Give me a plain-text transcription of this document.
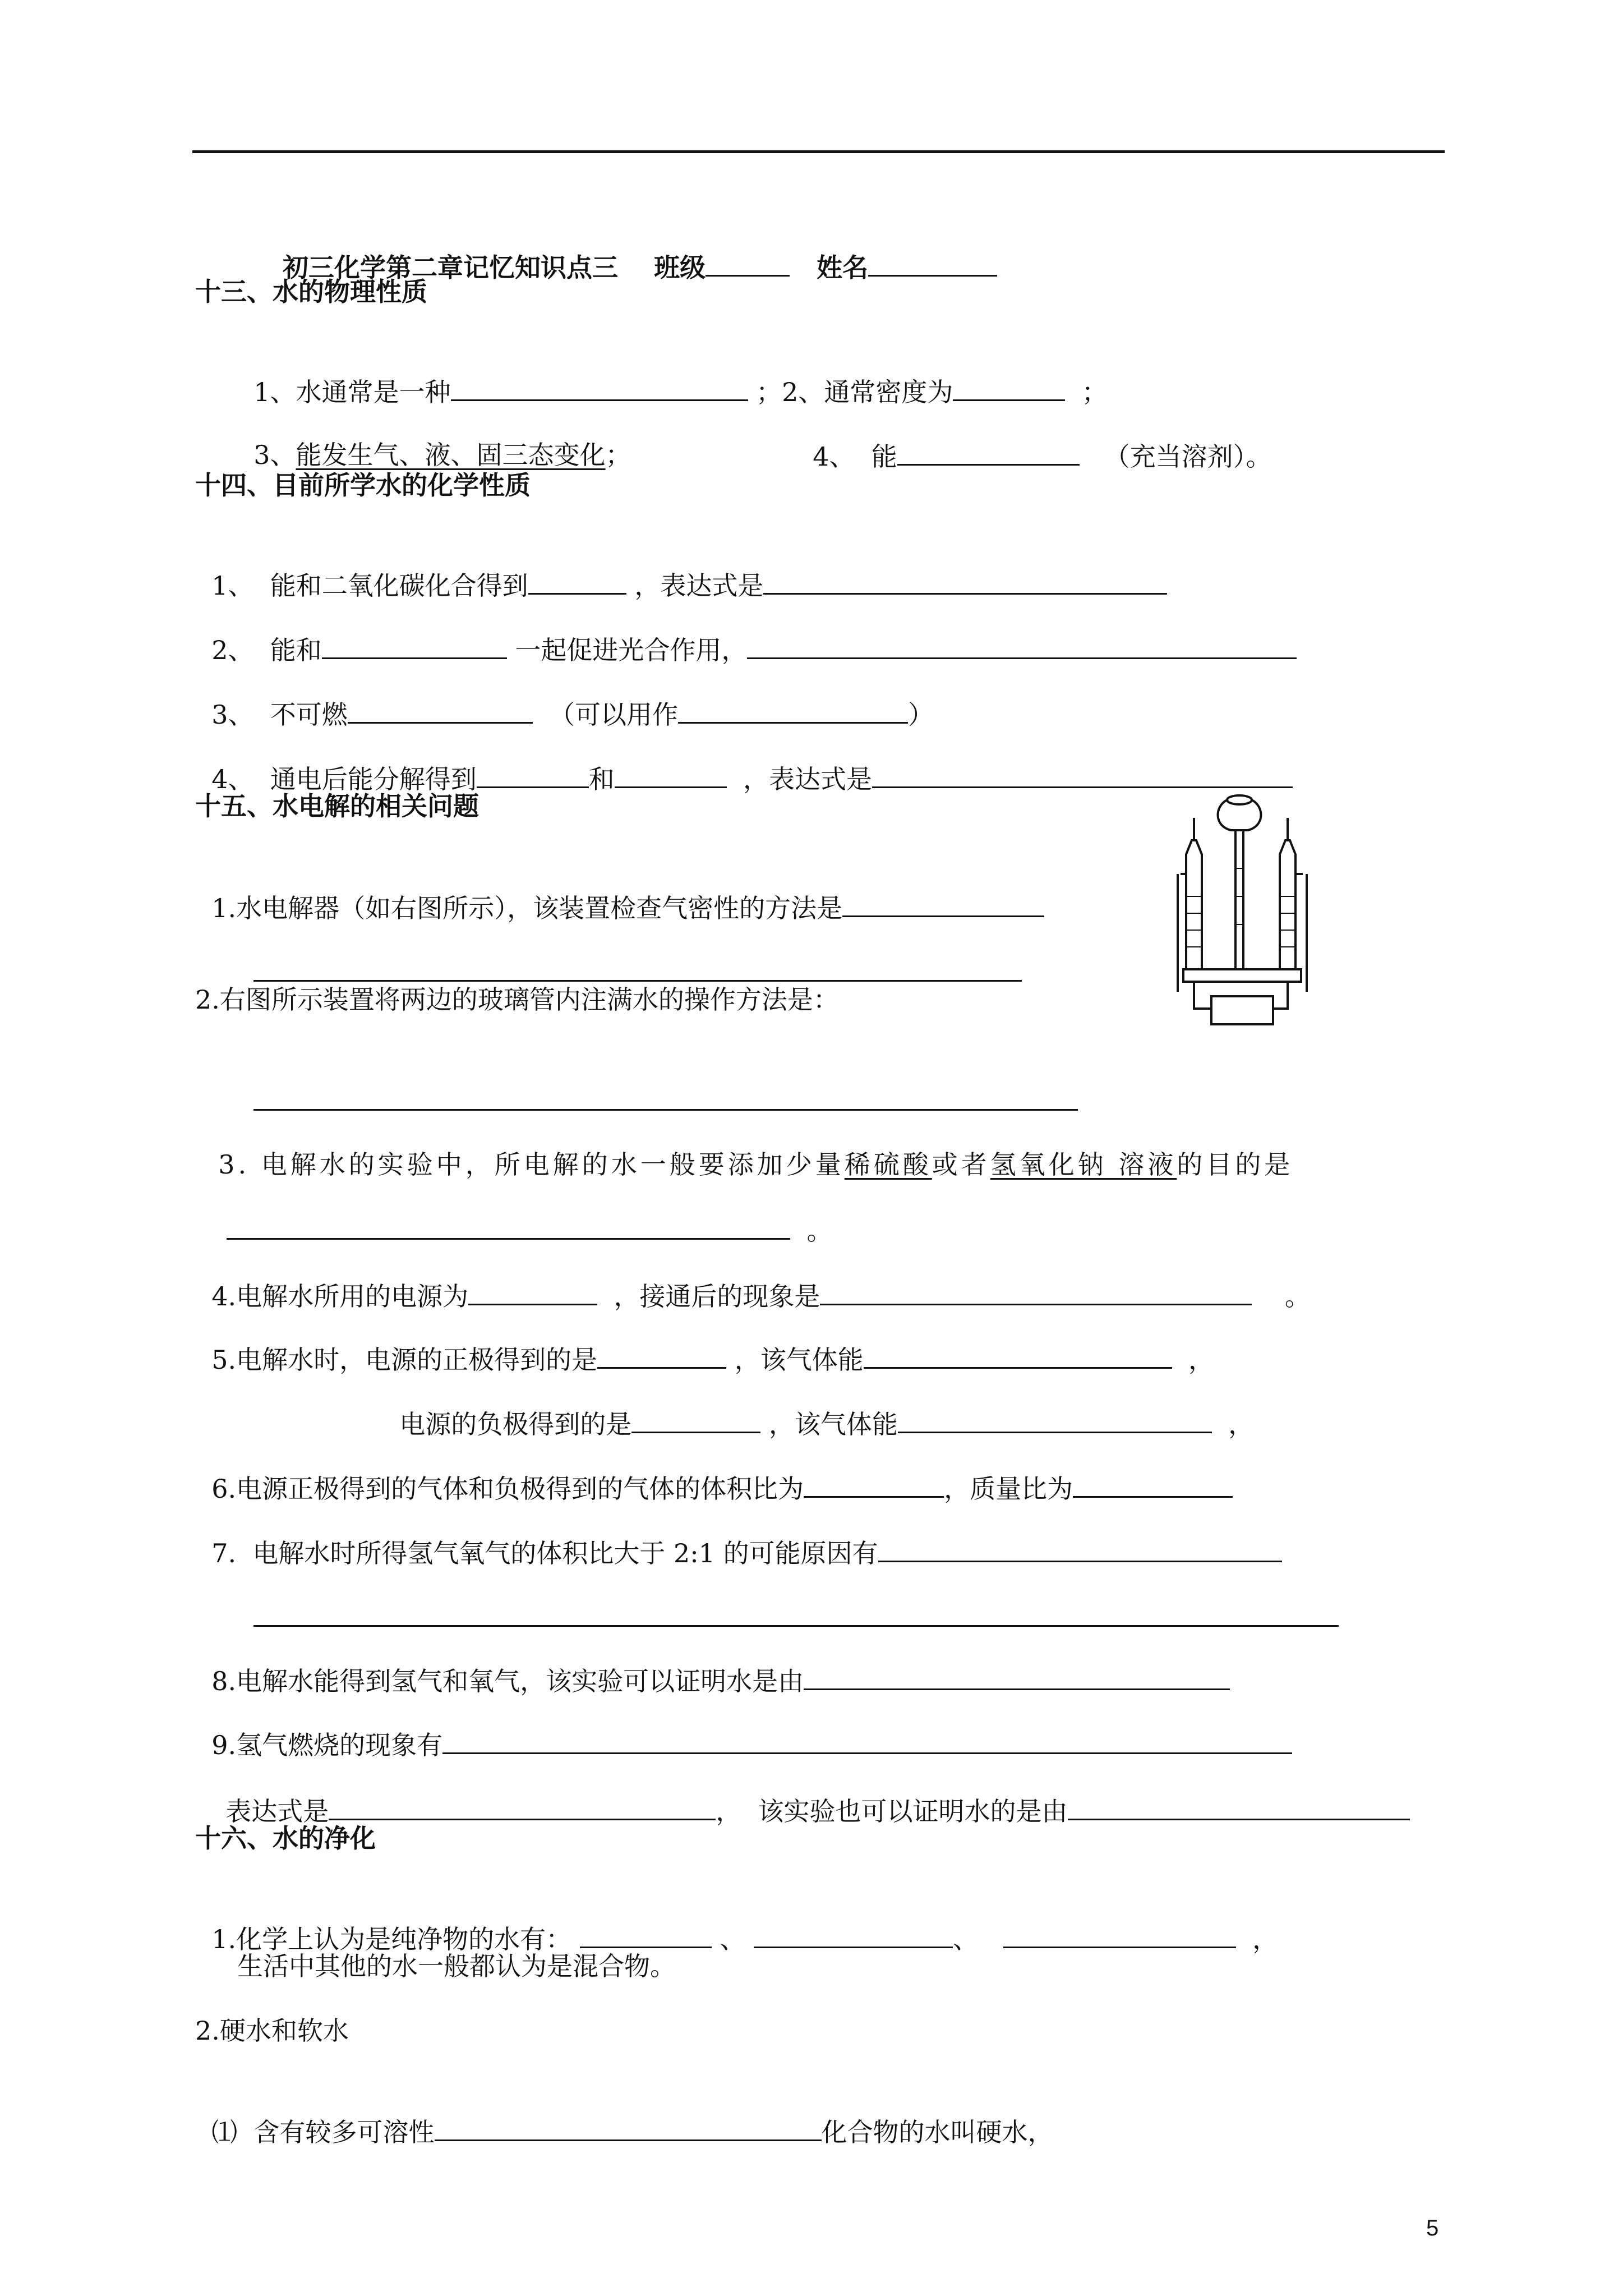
初三化学第二章记忆知识点三 班级	姓名

十三、水的物理性质

1、水通常是一种	；2、通常密度为	；

3、能发生气、液、固三态变化；	4、  能	（充当溶剂）。

十四、目前所学水的化学性质

1、  能和二氧化碳化合得到	，表达式是

2、  能和	一起促进光合作用，

3、  不可燃	（可以用作	）

4、  通电后能分解得到	和	，表达式是

十五、水电解的相关问题

1.水电解器（如右图所示），该装置检查气密性的方法是

2.右图所示装置将两边的玻璃管内注满水的操作方法是：

3. 电解水的实验中，所电解的水一般要添加少量稀硫酸或者氢氧化钠 溶液的目的是

。

4.电解水所用的电源为	，接通后的现象是	。

5.电解水时，电源的正极得到的是	，该气体能	，

电源的负极得到的是	，该气体能	，

6.电源正极得到的气体和负极得到的气体的体积比为	，质量比为

7.  电解水时所得氢气氧气的体积比大于 2:1 的可能原因有

8.电解水能得到氢气和氧气，该实验可以证明水是由

9.氢气燃烧的现象有

表达式是	，  该实验也可以证明水的是由

十六、水的净化

1.化学上认为是纯净物的水有：	、	、	，

生活中其他的水一般都认为是混合物。
2.硬水和软水

⑴  含有较多可溶性	化合物的水叫硬水，

5
